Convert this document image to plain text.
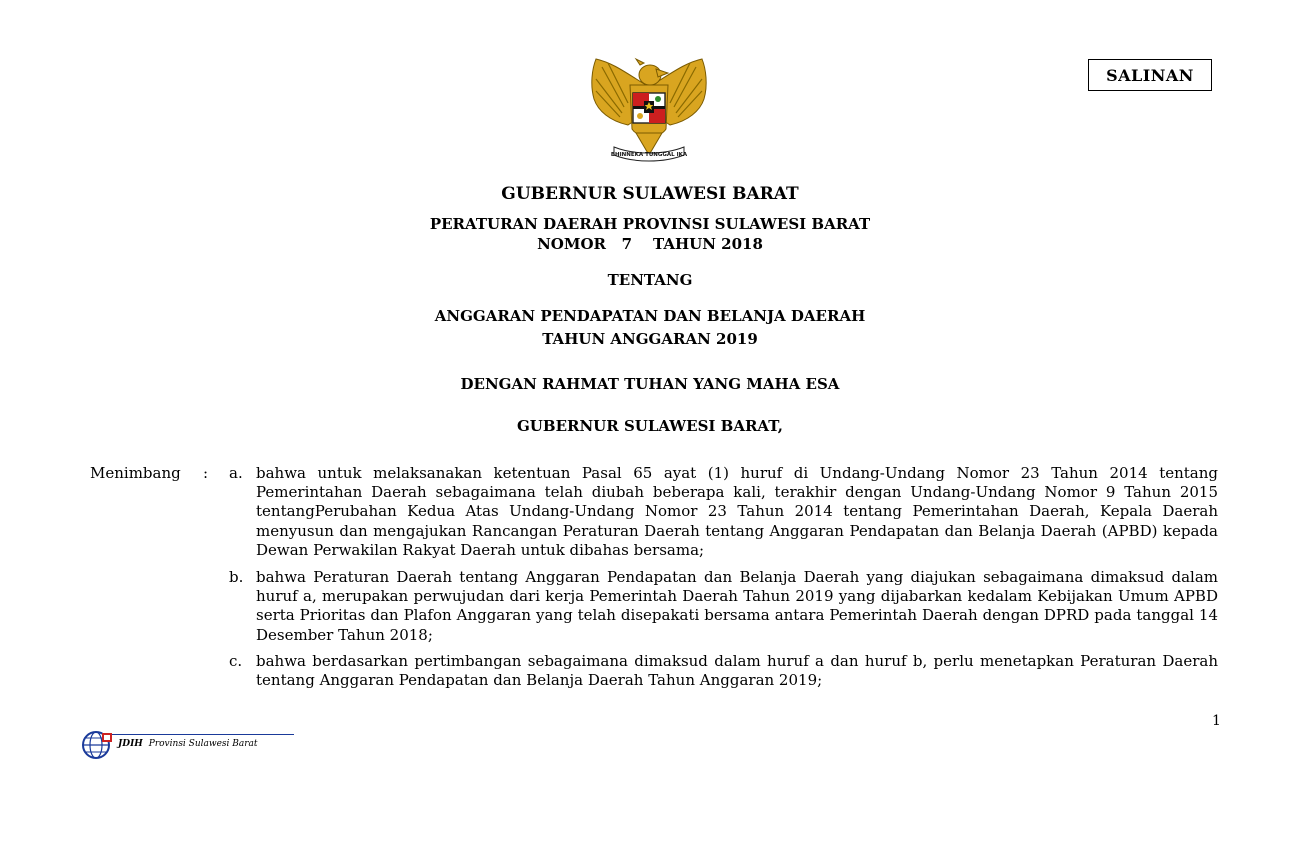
SALINAN
BHINNEKA TUNGGAL IKA
GUBERNUR SULAWESI BARAT
PERATURAN DAERAH PROVINSI SULAWESI BARAT
NOMOR 7 TAHUN 2018
TENTANG
ANGGARAN PENDAPATAN DAN BELANJA DAERAH
TAHUN ANGGARAN 2019
DENGAN RAHMAT TUHAN YANG MAHA ESA
GUBERNUR SULAWESI BARAT,
Menimbang : a. bahwa untuk melaksanakan ketentuan Pasal 65 ayat (1) huruf di Undang-Undang Nomor 23 Tahun 2014 tentang Pemerintahan Daerah sebagaimana telah diubah beberapa kali, terakhir dengan Undang-Undang Nomor 9 Tahun 2015 tentangPerubahan Kedua Atas Undang-Undang Nomor 23 Tahun 2014 tentang Pemerintahan Daerah, Kepala Daerah menyusun dan mengajukan Rancangan Peraturan Daerah tentang Anggaran Pendapatan dan Belanja Daerah (APBD) kepada Dewan Perwakilan Rakyat Daerah untuk dibahas bersama;
b. bahwa Peraturan Daerah tentang Anggaran Pendapatan dan Belanja Daerah yang diajukan sebagaimana dimaksud dalam huruf a, merupakan perwujudan dari kerja Pemerintah Daerah Tahun 2019 yang dijabarkan kedalam Kebijakan Umum APBD serta Prioritas dan Plafon Anggaran yang telah disepakati bersama antara Pemerintah Daerah dengan DPRD pada tanggal 14 Desember Tahun 2018;
c. bahwa berdasarkan pertimbangan sebagaimana dimaksud dalam huruf a dan huruf b, perlu menetapkan Peraturan Daerah tentang Anggaran Pendapatan dan Belanja Daerah Tahun Anggaran 2019;
1
JDIH Provinsi Sulawesi Barat
